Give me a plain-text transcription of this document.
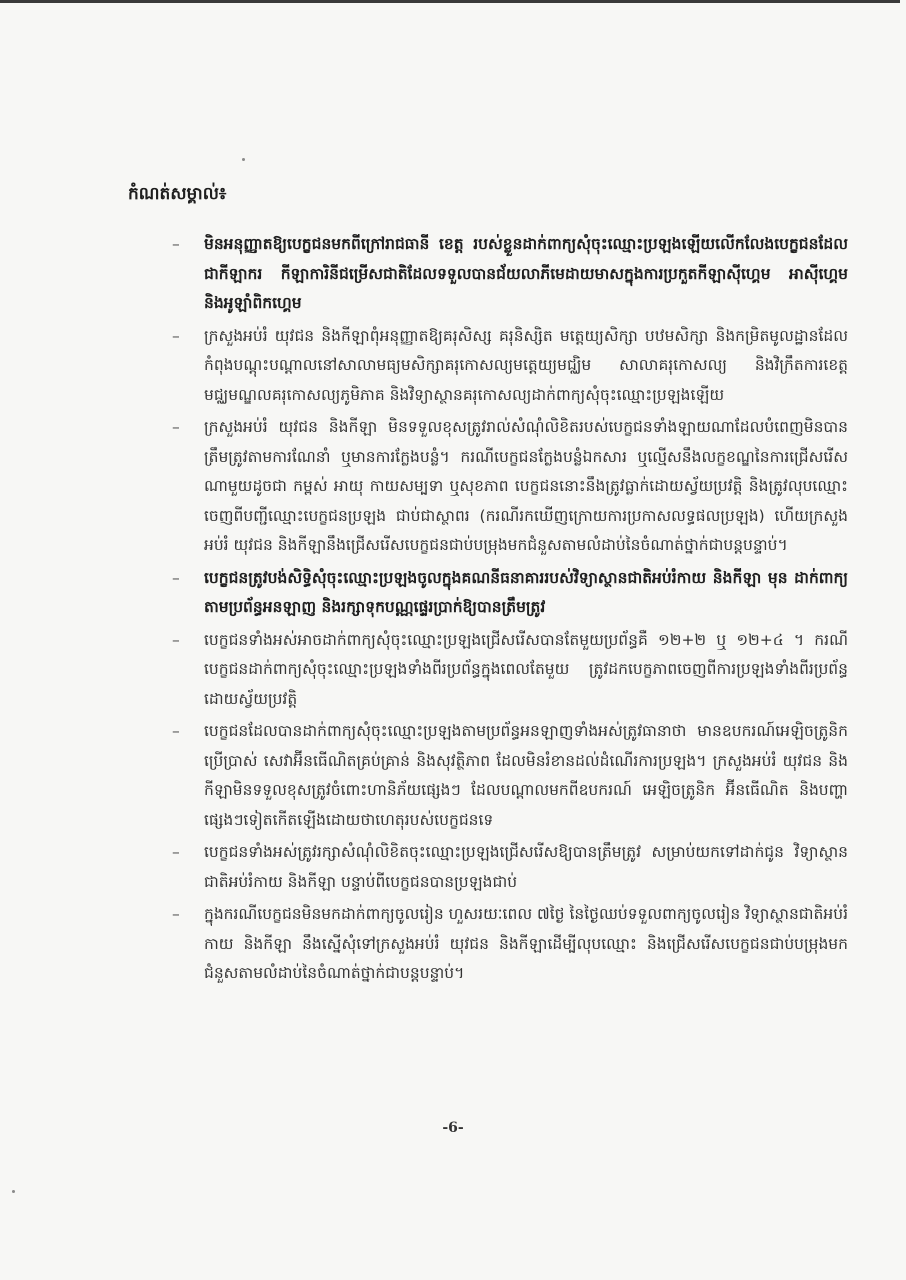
កំណត់សម្គាល់៖
– មិនអនុញ្ញាតឱ្យបេក្ខជនមកពីក្រៅរាជធានី ខេត្ត របស់ខ្លួនដាក់ពាក្យសុំចុះឈ្មោះប្រឡងឡើយលើកលែងបេក្ខជនដែលជាកីឡាករ កីឡាការិនីជម្រើសជាតិដែលទទួលបានជ័យលាភីមេដាយមាសក្នុងការប្រកួតកីឡាស៊ីហ្គេម អាស៊ីហ្គេម និងអូឡាំពិកហ្គេម
– ក្រសួងអប់រំ យុវជន និងកីឡាពុំអនុញ្ញាតឱ្យគរុសិស្ស គរុនិស្សិត មត្តេយ្យសិក្សា បឋមសិក្សា និងកម្រិតមូលដ្ឋានដែលកំពុងបណ្តុះបណ្តាលនៅសាលាមធ្យមសិក្សាគរុកោសល្យមត្តេយ្យមជ្ឈិម សាលាគរុកោសល្យ និងវិក្រឹតការខេត្ត មជ្ឈមណ្ឌលគរុកោសល្យភូមិភាគ និងវិទ្យាស្ថានគរុកោសល្យដាក់ពាក្យសុំចុះឈ្មោះប្រឡងឡើយ
– ក្រសួងអប់រំ យុវជន និងកីឡា មិនទទួលខុសត្រូវរាល់សំណុំលិខិតរបស់បេក្ខជនទាំងឡាយណាដែលបំពេញមិនបានត្រឹមត្រូវតាមការណែនាំ ឬមានការក្លែងបន្លំ។ ករណីបេក្ខជនក្លែងបន្លំឯកសារ ឬល្មើសនឹងលក្ខខណ្ឌនៃការជ្រើសរើសណាមួយដូចជា កម្ពស់ អាយុ កាយសម្បទា ឬសុខភាព បេក្ខជននោះនឹងត្រូវធ្លាក់ដោយស្វ័យប្រវត្តិ និងត្រូវលុបឈ្មោះចេញពីបញ្ជីឈ្មោះបេក្ខជនប្រឡង ជាប់ជាស្ថាពរ (ករណីរកឃើញក្រោយការប្រកាសលទ្ធផលប្រឡង) ហើយក្រសួងអប់រំ យុវជន និងកីឡានឹងជ្រើសរើសបេក្ខជនជាប់បម្រុងមកជំនួសតាមលំដាប់នៃចំណាត់ថ្នាក់ជាបន្តបន្ទាប់។
– បេក្ខជនត្រូវបង់សិទ្ធិសុំចុះឈ្មោះប្រឡងចូលក្នុងគណនីធនាគាររបស់វិទ្យាស្ថានជាតិអប់រំកាយ និងកីឡា មុន ដាក់ពាក្យតាមប្រព័ន្ធអនឡាញ និងរក្សាទុកបណ្ណផ្ទេរប្រាក់ឱ្យបានត្រឹមត្រូវ
– បេក្ខជនទាំងអស់អាចដាក់ពាក្យសុំចុះឈ្មោះប្រឡងជ្រើសរើសបានតែមួយប្រព័ន្ធគឺ ១២+២ ឬ ១២+៤ ។ ករណីបេក្ខជនដាក់ពាក្យសុំចុះឈ្មោះប្រឡងទាំងពីរប្រព័ន្ធក្នុងពេលតែមួយ ត្រូវដកបេក្ខភាពចេញពីការប្រឡងទាំងពីរប្រព័ន្ធដោយស្វ័យប្រវត្តិ
– បេក្ខជនដែលបានដាក់ពាក្យសុំចុះឈ្មោះប្រឡងតាមប្រព័ន្ធអនឡាញទាំងអស់ត្រូវធានាថា មានឧបករណ៍អេឡិចត្រូនិកប្រើប្រាស់ សេវាអ៊ីនធើណិតគ្រប់គ្រាន់ និងសុវត្ថិភាព ដែលមិនរំខានដល់ដំណើរការប្រឡង។ ក្រសួងអប់រំ យុវជន និងកីឡាមិនទទួលខុសត្រូវចំពោះហានិភ័យផ្សេងៗ ដែលបណ្តាលមកពីឧបករណ៍ អេឡិចត្រូនិក អ៊ីនធើណិត និងបញ្ហាផ្សេងៗទៀតកើតឡើងដោយថាហេតុរបស់បេក្ខជនទេ
– បេក្ខជនទាំងអស់ត្រូវរក្សាសំណុំលិខិតចុះឈ្មោះប្រឡងជ្រើសរើសឱ្យបានត្រឹមត្រូវ សម្រាប់យកទៅដាក់ជូន វិទ្យាស្ថានជាតិអប់រំកាយ និងកីឡា បន្ទាប់ពីបេក្ខជនបានប្រឡងជាប់
– ក្នុងករណីបេក្ខជនមិនមកដាក់ពាក្យចូលរៀន ហួសរយៈពេល ៧ថ្ងៃ នៃថ្ងៃឈប់ទទួលពាក្យចូលរៀន វិទ្យាស្ថានជាតិអប់រំកាយ និងកីឡា នឹងស្នើសុំទៅក្រសួងអប់រំ យុវជន និងកីឡាដើម្បីលុបឈ្មោះ និងជ្រើសរើសបេក្ខជនជាប់បម្រុងមកជំនួសតាមលំដាប់នៃចំណាត់ថ្នាក់ជាបន្តបន្ទាប់។

-6-
